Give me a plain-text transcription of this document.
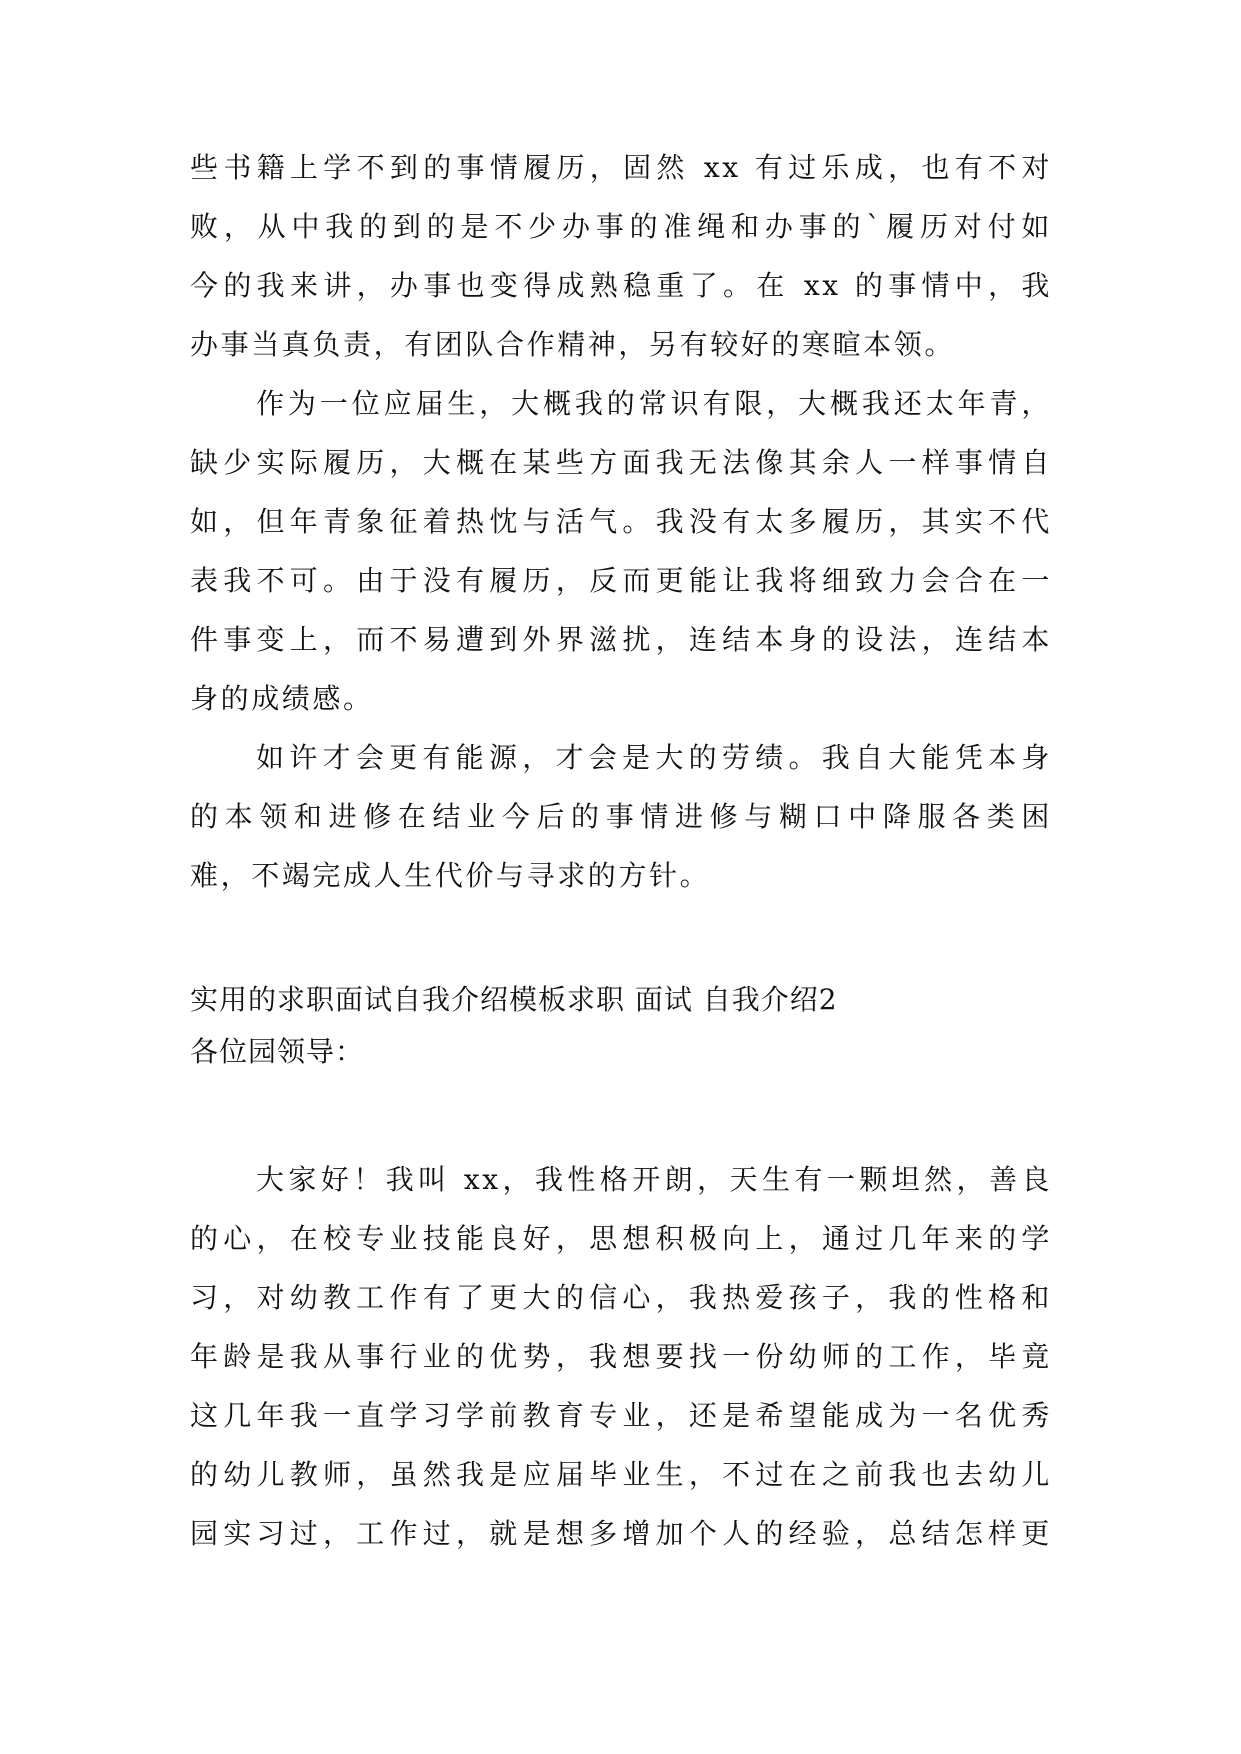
些书籍上学不到的事情履历，固然 xx 有过乐成，也有不对
败，从中我的到的是不少办事的准绳和办事的`履历对付如
今的我来讲，办事也变得成熟稳重了。在 xx 的事情中，我
办事当真负责，有团队合作精神，另有较好的寒暄本领。
作为一位应届生，大概我的常识有限，大概我还太年青，
缺少实际履历，大概在某些方面我无法像其余人一样事情自
如，但年青象征着热忱与活气。我没有太多履历，其实不代
表我不可。由于没有履历，反而更能让我将细致力会合在一
件事变上，而不易遭到外界滋扰，连结本身的设法，连结本
身的成绩感。
如许才会更有能源，才会是大的劳绩。我自大能凭本身
的本领和进修在结业今后的事情进修与糊口中降服各类困
难，不竭完成人生代价与寻求的方针。
实用的求职面试自我介绍模板求职 面试 自我介绍2
各位园领导：
大家好！我叫 xx，我性格开朗，天生有一颗坦然，善良
的心，在校专业技能良好，思想积极向上，通过几年来的学
习，对幼教工作有了更大的信心，我热爱孩子，我的性格和
年龄是我从事行业的优势，我想要找一份幼师的工作，毕竟
这几年我一直学习学前教育专业，还是希望能成为一名优秀
的幼儿教师，虽然我是应届毕业生，不过在之前我也去幼儿
园实习过，工作过，就是想多增加个人的经验，总结怎样更
